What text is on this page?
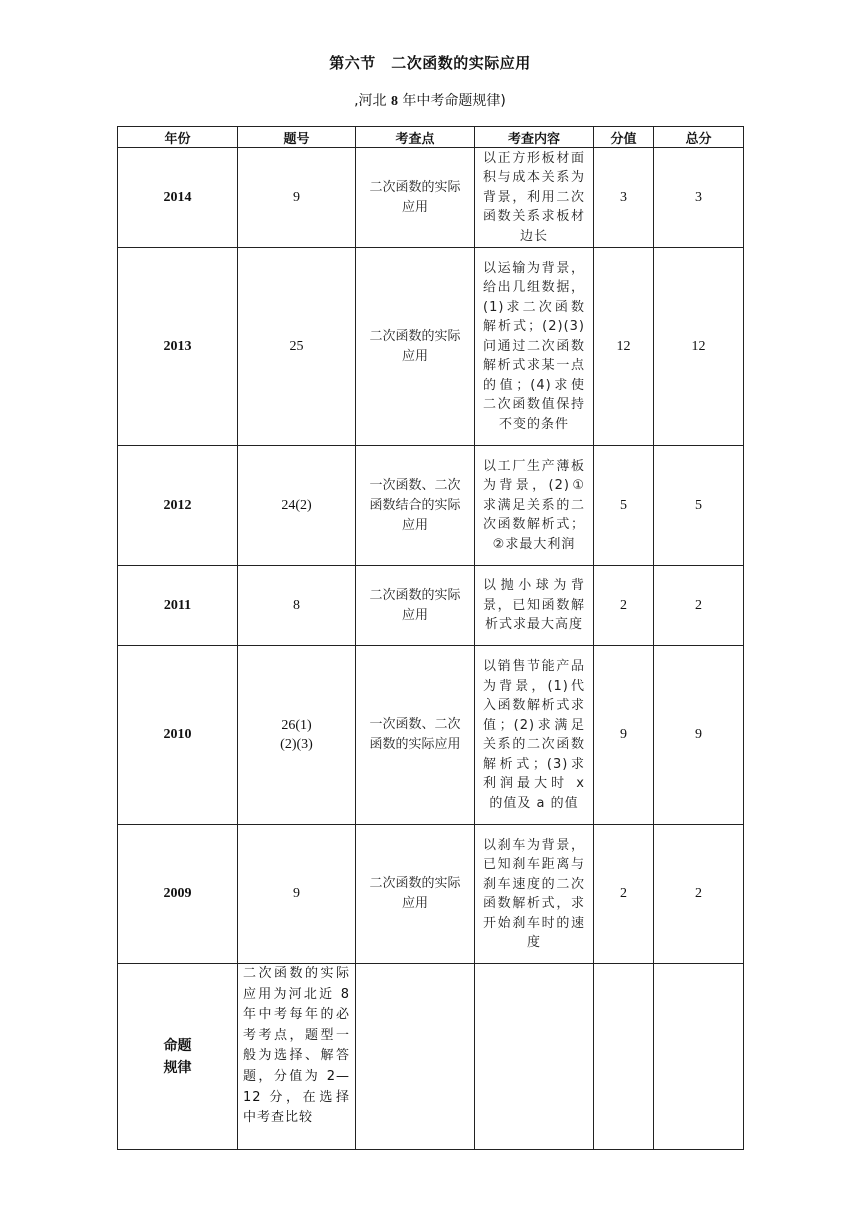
第六节　二次函数的实际应用
,河北 8 年中考命题规律)
年份	题号	考查点	考查内容	分值	总分
2014	9	二次函数的实际应用	以正方形板材面积与成本关系为背景，利用二次函数关系求板材边长	3	3
2013	25	二次函数的实际应用	以运输为背景，给出几组数据，(1)求二次函数解析式；(2)(3)问通过二次函数解析式求某一点的值；(4)求使二次函数值保持不变的条件	12	12
2012	24(2)	一次函数、二次函数结合的实际应用	以工厂生产薄板为背景，(2)①求满足关系的二次函数解析式；②求最大利润	5	5
2011	8	二次函数的实际应用	以抛小球为背景，已知函数解析式求最大高度	2	2
2010	26(1)
(2)(3)	一次函数、二次函数的实际应用	以销售节能产品为背景，(1)代入函数解析式求值；(2)求满足关系的二次函数解析式；(3)求利润最大时 x 的值及 a 的值	9	9
2009	9	二次函数的实际应用	以刹车为背景，已知刹车距离与刹车速度的二次函数解析式，求开始刹车时的速度	2	2
命题
规律	二次函数的实际应用为河北近 8 年中考每年的必考考点，题型一般为选择、解答题，分值为 2—12 分，在选择中考查比较				
